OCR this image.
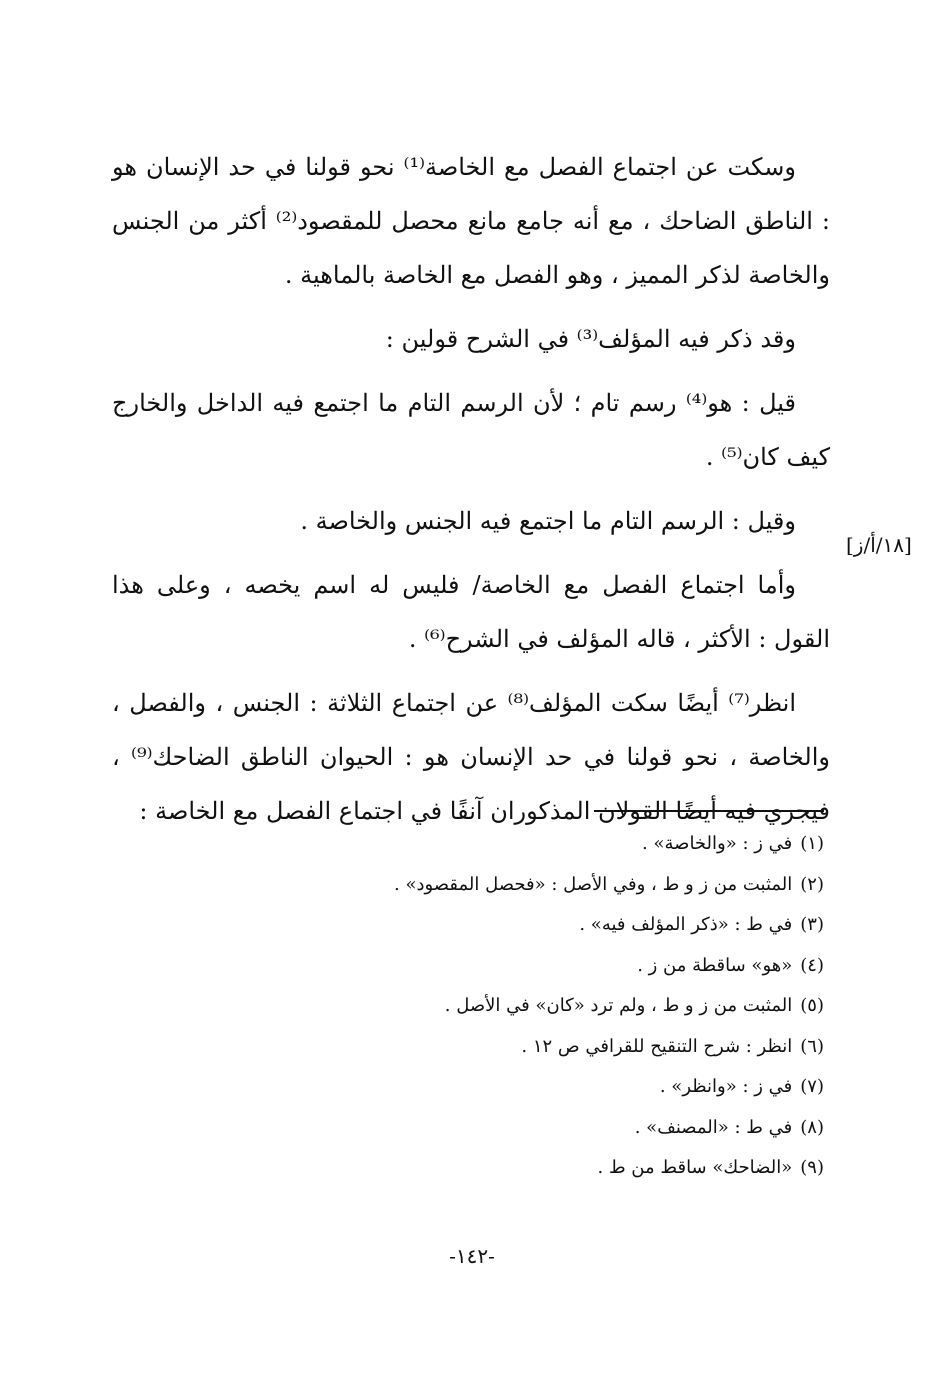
وسكت عن اجتماع الفصل مع الخاصة⁽¹⁾ نحو قولنا في حد الإنسان هو : الناطق الضاحك ، مع أنه جامع مانع محصل للمقصود⁽²⁾ أكثر من الجنس والخاصة لذكر المميز ، وهو الفصل مع الخاصة بالماهية .

وقد ذكر فيه المؤلف⁽³⁾ في الشرح قولين :

قيل : هو⁽⁴⁾ رسم تام ؛ لأن الرسم التام ما اجتمع فيه الداخل والخارج كيف كان⁽⁵⁾ .

وقيل : الرسم التام ما اجتمع فيه الجنس والخاصة .

وأما اجتماع الفصل مع الخاصة/ فليس له اسم يخصه ، وعلى هذا القول : الأكثر ، قاله المؤلف في الشرح⁽⁶⁾ .

انظر⁽⁷⁾ أيضًا سكت المؤلف⁽⁸⁾ عن اجتماع الثلاثة : الجنس ، والفصل ، والخاصة ، نحو قولنا في حد الإنسان هو : الحيوان الناطق الضاحك⁽⁹⁾ ، فيجري فيه أيضًا القولان المذكوران آنفًا في اجتماع الفصل مع الخاصة :

[١٨/أ/ز]
(١)في ز : «والخاصة» .
(٢)المثبت من ز و ط ، وفي الأصل : «فحصل المقصود» .
(٣)في ط : «ذكر المؤلف فيه» .
(٤)«هو» ساقطة من ز .
(٥)المثبت من ز و ط ، ولم ترد «كان» في الأصل .
(٦)انظر : شرح التنقيح للقرافي ص ١٢ .
(٧)في ز : «وانظر» .
(٨)في ط : «المصنف» .
(٩)«الضاحك» ساقط من ط .
-١٤٢-
